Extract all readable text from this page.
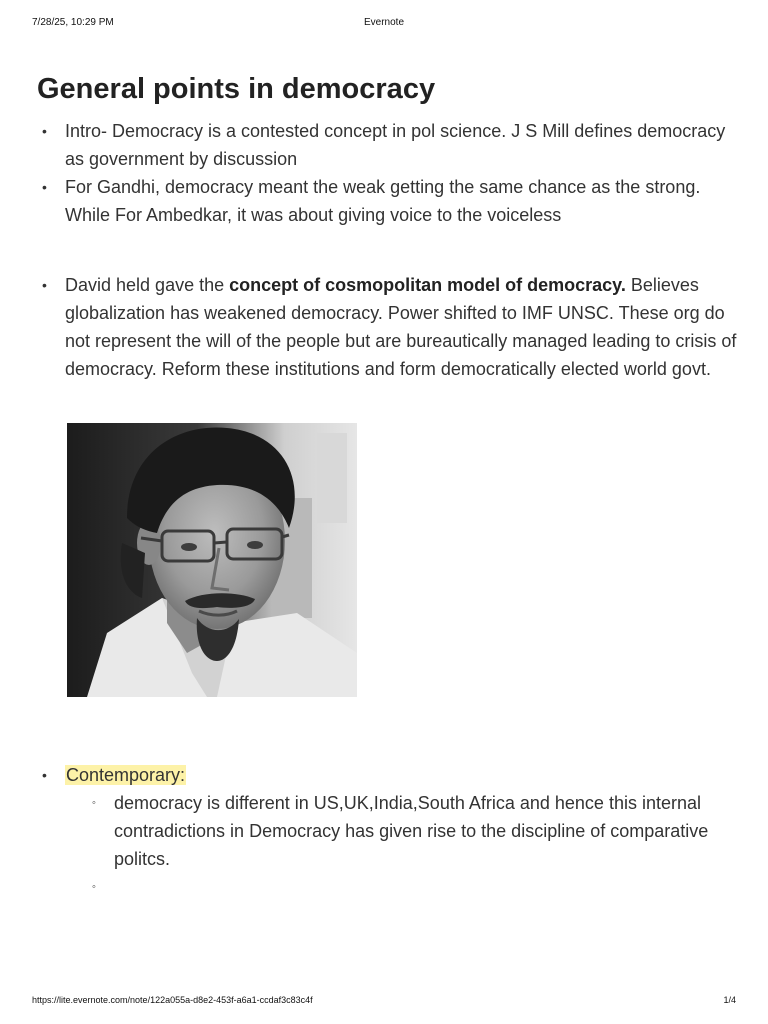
7/28/25, 10:29 PM	Evernote
General points in democracy
• Intro- Democracy is a contested concept in pol science. J S Mill defines democracy as government by discussion
• For Gandhi, democracy meant the weak getting the same chance as the strong. While For Ambedkar, it was about giving voice to the voiceless
• David held gave the concept of cosmopolitan model of democracy. Believes globalization has weakened democracy. Power shifted to IMF UNSC. These org do not represent the will of the people but are bureautically managed leading to crisis of democracy. Reform these institutions and form democratically elected world govt.
• Contemporary:
◦ democracy is different in US,UK,India,South Africa and hence this internal contradictions in Democracy has given rise to the discipline of comparative politcs.
◦
https://lite.evernote.com/note/122a055a-d8e2-453f-a6a1-ccdaf3c83c4f	1/4
